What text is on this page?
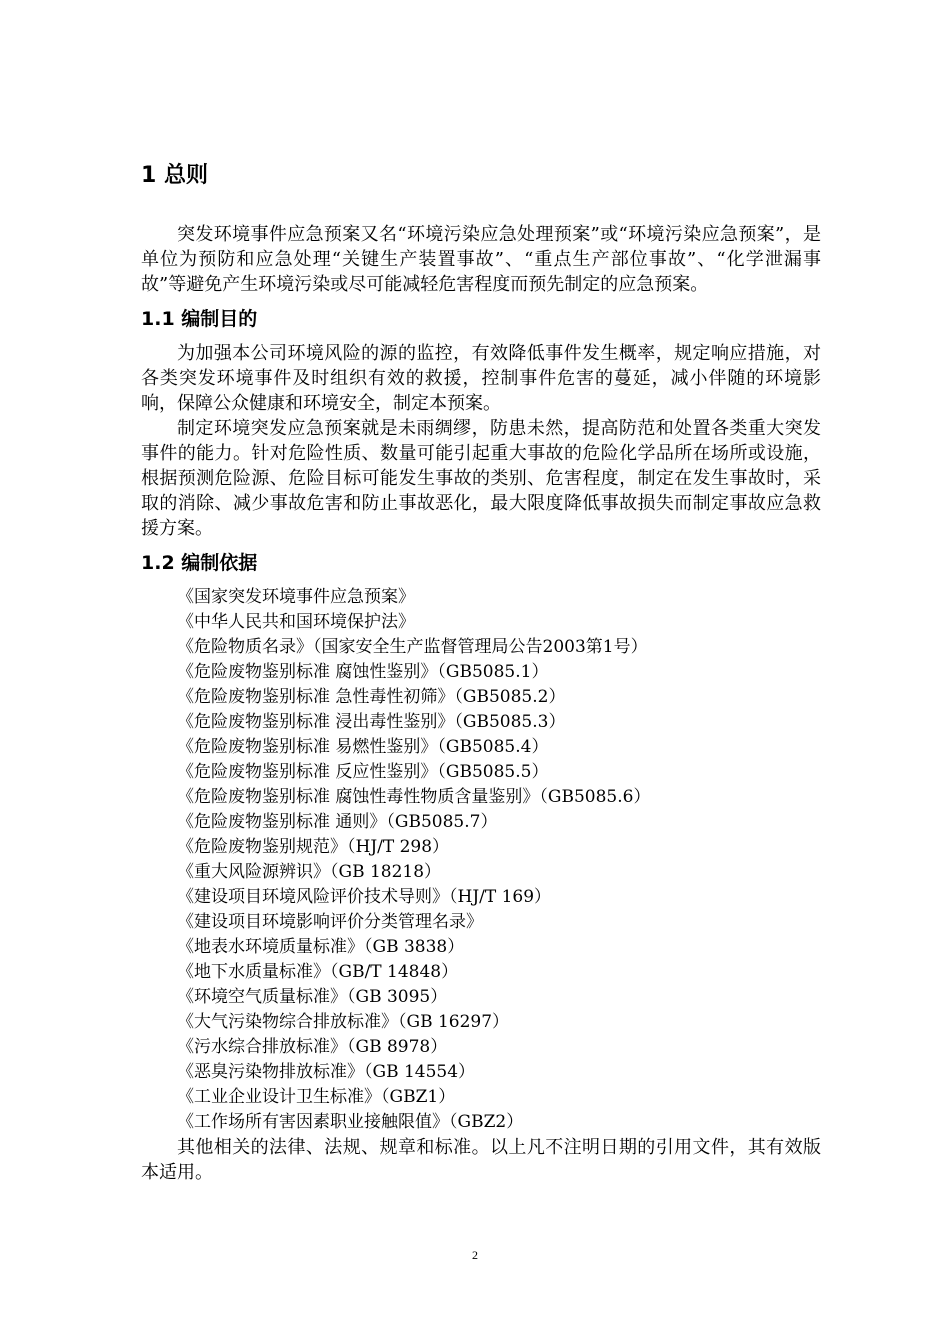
1 总则

突发环境事件应急预案又名“环境污染应急处理预案”或“环境污染应急预案”，是单位为预防和应急处理“关键生产装置事故”、“重点生产部位事故”、“化学泄漏事故”等避免产生环境污染或尽可能减轻危害程度而预先制定的应急预案。

1.1 编制目的

为加强本公司环境风险的源的监控，有效降低事件发生概率，规定响应措施，对各类突发环境事件及时组织有效的救援，控制事件危害的蔓延，减小伴随的环境影响，保障公众健康和环境安全，制定本预案。

制定环境突发应急预案就是未雨绸缪，防患未然，提高防范和处置各类重大突发事件的能力。针对危险性质、数量可能引起重大事故的危险化学品所在场所或设施，根据预测危险源、危险目标可能发生事故的类别、危害程度，制定在发生事故时，采取的消除、减少事故危害和防止事故恶化，最大限度降低事故损失而制定事故应急救援方案。

1.2 编制依据
《国家突发环境事件应急预案》
《中华人民共和国环境保护法》
《危险物质名录》（国家安全生产监督管理局公告2003第1号）
《危险废物鉴别标准 腐蚀性鉴别》（GB5085.1）
《危险废物鉴别标准 急性毒性初筛》（GB5085.2）
《危险废物鉴别标准 浸出毒性鉴别》（GB5085.3）
《危险废物鉴别标准 易燃性鉴别》（GB5085.4）
《危险废物鉴别标准 反应性鉴别》（GB5085.5）
《危险废物鉴别标准 腐蚀性毒性物质含量鉴别》（GB5085.6）
《危险废物鉴别标准 通则》（GB5085.7）
《危险废物鉴别规范》（HJ/T 298）
《重大风险源辨识》（GB 18218）
《建设项目环境风险评价技术导则》（HJ/T 169）
《建设项目环境影响评价分类管理名录》
《地表水环境质量标准》（GB 3838）
《地下水质量标准》（GB/T 14848）
《环境空气质量标准》（GB 3095）
《大气污染物综合排放标准》（GB 16297）
《污水综合排放标准》（GB 8978）
《恶臭污染物排放标准》（GB 14554）
《工业企业设计卫生标准》（GBZ1）
《工作场所有害因素职业接触限值》（GBZ2）

其他相关的法律、法规、规章和标准。以上凡不注明日期的引用文件，其有效版本适用。

2
